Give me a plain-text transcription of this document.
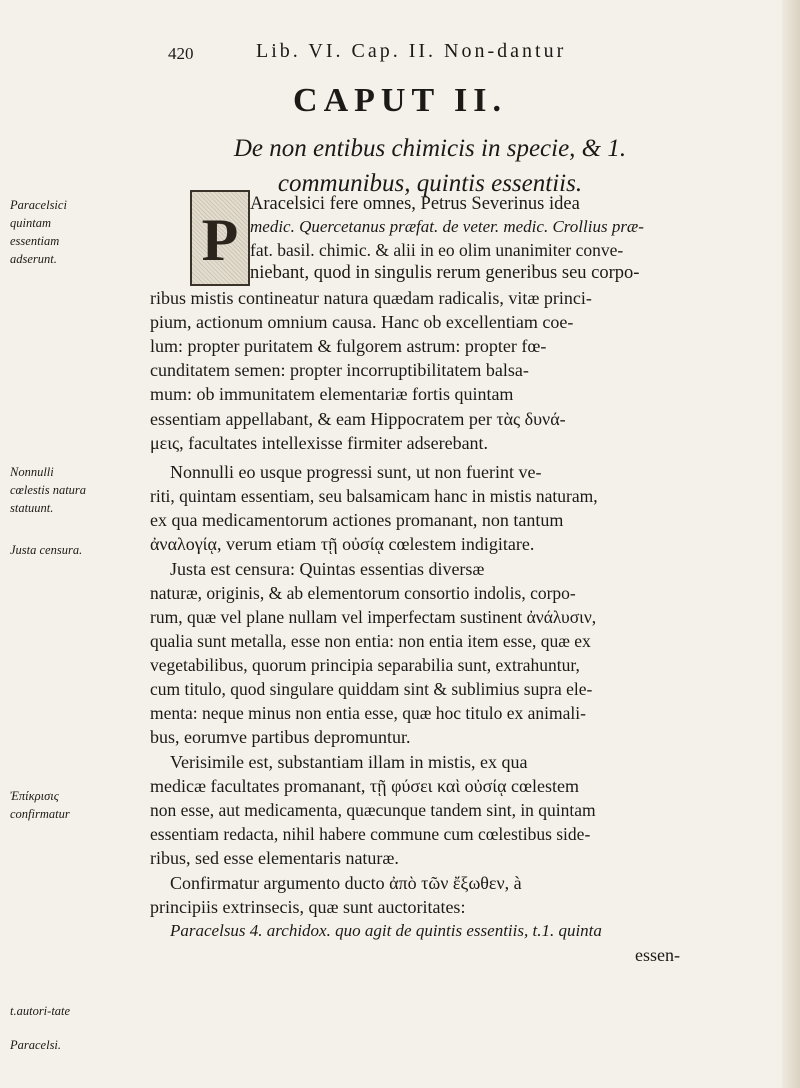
420	Lib. VI. Cap. II. Non-dantur
CAPUT II.
De non entibus chimicis in specie, & 1.
communibus, quintis essentiis.
Paracelsici quintam essentiam adserunt.
Nonnulli cœlestis natura statuunt.
Justa censura.
Ἐπίκρισις confirmatur
t.autori-tate
Paracelsi.
P
Aracelsici fere omnes, Petrus Severinus idea
medic. Quercetanus præfat. de veter. medic. Crollius præ-
fat. basil. chimic. & alii in eo olim unanimiter conve-
niebant, quod in singulis rerum generibus seu corpo-
ribus mistis contineatur natura quædam radicalis, vitæ princi-
pium, actionum omnium causa. Hanc ob excellentiam coe-
lum: propter puritatem & fulgorem astrum: propter fœ-
cunditatem semen: propter incorruptibilitatem balsa-
mum: ob immunitatem elementariæ fortis quintam
essentiam appellabant, & eam Hippocratem per τὰς δυνά-
μεις, facultates intellexisse firmiter adserebant.
Nonnulli eo usque progressi sunt, ut non fuerint ve-
riti, quintam essentiam, seu balsamicam hanc in mistis naturam,
ex qua medicamentorum actiones promanant, non tantum
ἀναλογίᾳ, verum etiam τῇ οὐσίᾳ cœlestem indigitare.
Justa est censura: Quintas essentias diversæ
naturæ, originis, & ab elementorum consortio indolis, corpo-
rum, quæ vel plane nullam vel imperfectam sustinent ἀνάλυσιν,
qualia sunt metalla, esse non entia: non entia item esse, quæ ex
vegetabilibus, quorum principia separabilia sunt, extrahuntur,
cum titulo, quod singulare quiddam sint & sublimius supra ele-
menta: neque minus non entia esse, quæ hoc titulo ex animali-
bus, eorumve partibus depromuntur.
Verisimile est, substantiam illam in mistis, ex qua
medicæ facultates promanant, τῇ φύσει καὶ οὐσίᾳ cœlestem
non esse, aut medicamenta, quæcunque tandem sint, in quintam
essentiam redacta, nihil habere commune cum cœlestibus side-
ribus, sed esse elementaris naturæ.
Confirmatur argumento ducto ἀπὸ τῶν ἔξωθεν, à
principiis extrinsecis, quæ sunt auctoritates:
Paracelsus 4. archidox. quo agit de quintis essentiis, t.1. quinta
essen-
